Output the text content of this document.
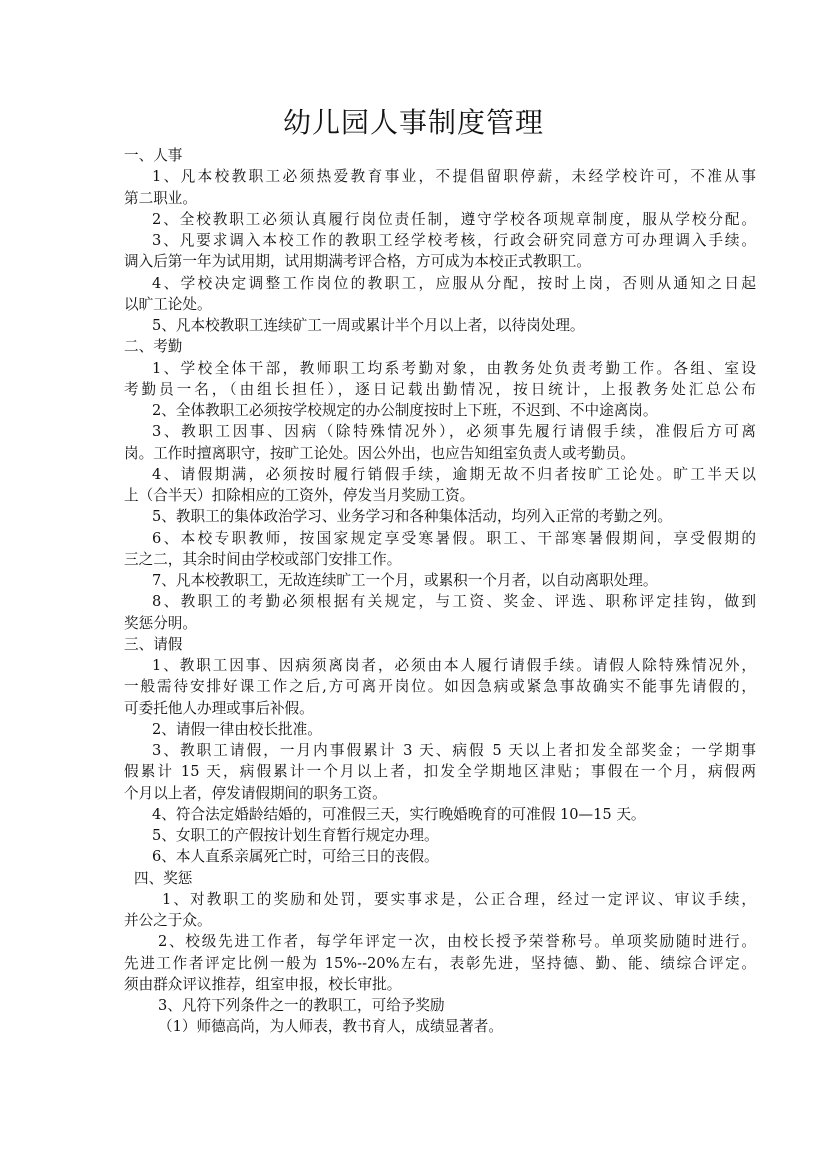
幼儿园人事制度管理
一、人事
1、凡本校教职工必须热爱教育事业，不提倡留职停薪，未经学校许可，不准从事
第二职业。
2、全校教职工必须认真履行岗位责任制，遵守学校各项规章制度，服从学校分配。
3、凡要求调入本校工作的教职工经学校考核，行政会研究同意方可办理调入手续。
调入后第一年为试用期，试用期满考评合格，方可成为本校正式教职工。
4、学校决定调整工作岗位的教职工，应服从分配，按时上岗，否则从通知之日起
以旷工论处。
5、凡本校教职工连续矿工一周或累计半个月以上者，以待岗处理。
二、考勤
1、学校全体干部，教师职工均系考勤对象，由教务处负责考勤工作。各组、室设
考勤员一名，（由组长担任），逐日记载出勤情况，按日统计，上报教务处汇总公布
2、全体教职工必须按学校规定的办公制度按时上下班，不迟到、不中途离岗。
3、教职工因事、因病（除特殊情况外），必须事先履行请假手续，准假后方可离
岗。工作时擅离职守，按旷工论处。因公外出，也应告知组室负责人或考勤员。
4、请假期满，必须按时履行销假手续，逾期无故不归者按旷工论处。旷工半天以
上（合半天）扣除相应的工资外，停发当月奖励工资。
5、教职工的集体政治学习、业务学习和各种集体活动，均列入正常的考勤之列。
6、本校专职教师，按国家规定享受寒暑假。职工、干部寒暑假期间，享受假期的
三之二，其余时间由学校或部门安排工作。
7、凡本校教职工，无故连续旷工一个月，或累积一个月者，以自动离职处理。
8、教职工的考勤必须根据有关规定，与工资、奖金、评选、职称评定挂钩，做到
奖惩分明。
三、请假
1、教职工因事、因病须离岗者，必须由本人履行请假手续。请假人除特殊情况外，
一般需待安排好课工作之后,方可离开岗位。如因急病或紧急事故确实不能事先请假的，
可委托他人办理或事后补假。
2、请假一律由校长批准。
3、教职工请假，一月内事假累计 3 天、病假 5 天以上者扣发全部奖金；一学期事
假累计 15 天，病假累计一个月以上者，扣发全学期地区津贴；事假在一个月，病假两
个月以上者，停发请假期间的职务工资。
4、符合法定婚龄结婚的，可准假三天，实行晚婚晚育的可准假 10—15 天。
5、女职工的产假按计划生育暂行规定办理。
6、本人直系亲属死亡时，可给三日的丧假。
四、奖惩
1、对教职工的奖励和处罚，要实事求是，公正合理，经过一定评议、审议手续，
并公之于众。
2、校级先进工作者，每学年评定一次，由校长授予荣誉称号。单项奖励随时进行。
先进工作者评定比例一般为 15%--20%左右，表彰先进，坚持德、勤、能、绩综合评定。
须由群众评议推荐，组室申报，校长审批。
3、凡符下列条件之一的教职工，可给予奖励
（1）师德高尚，为人师表，教书育人，成绩显著者。
